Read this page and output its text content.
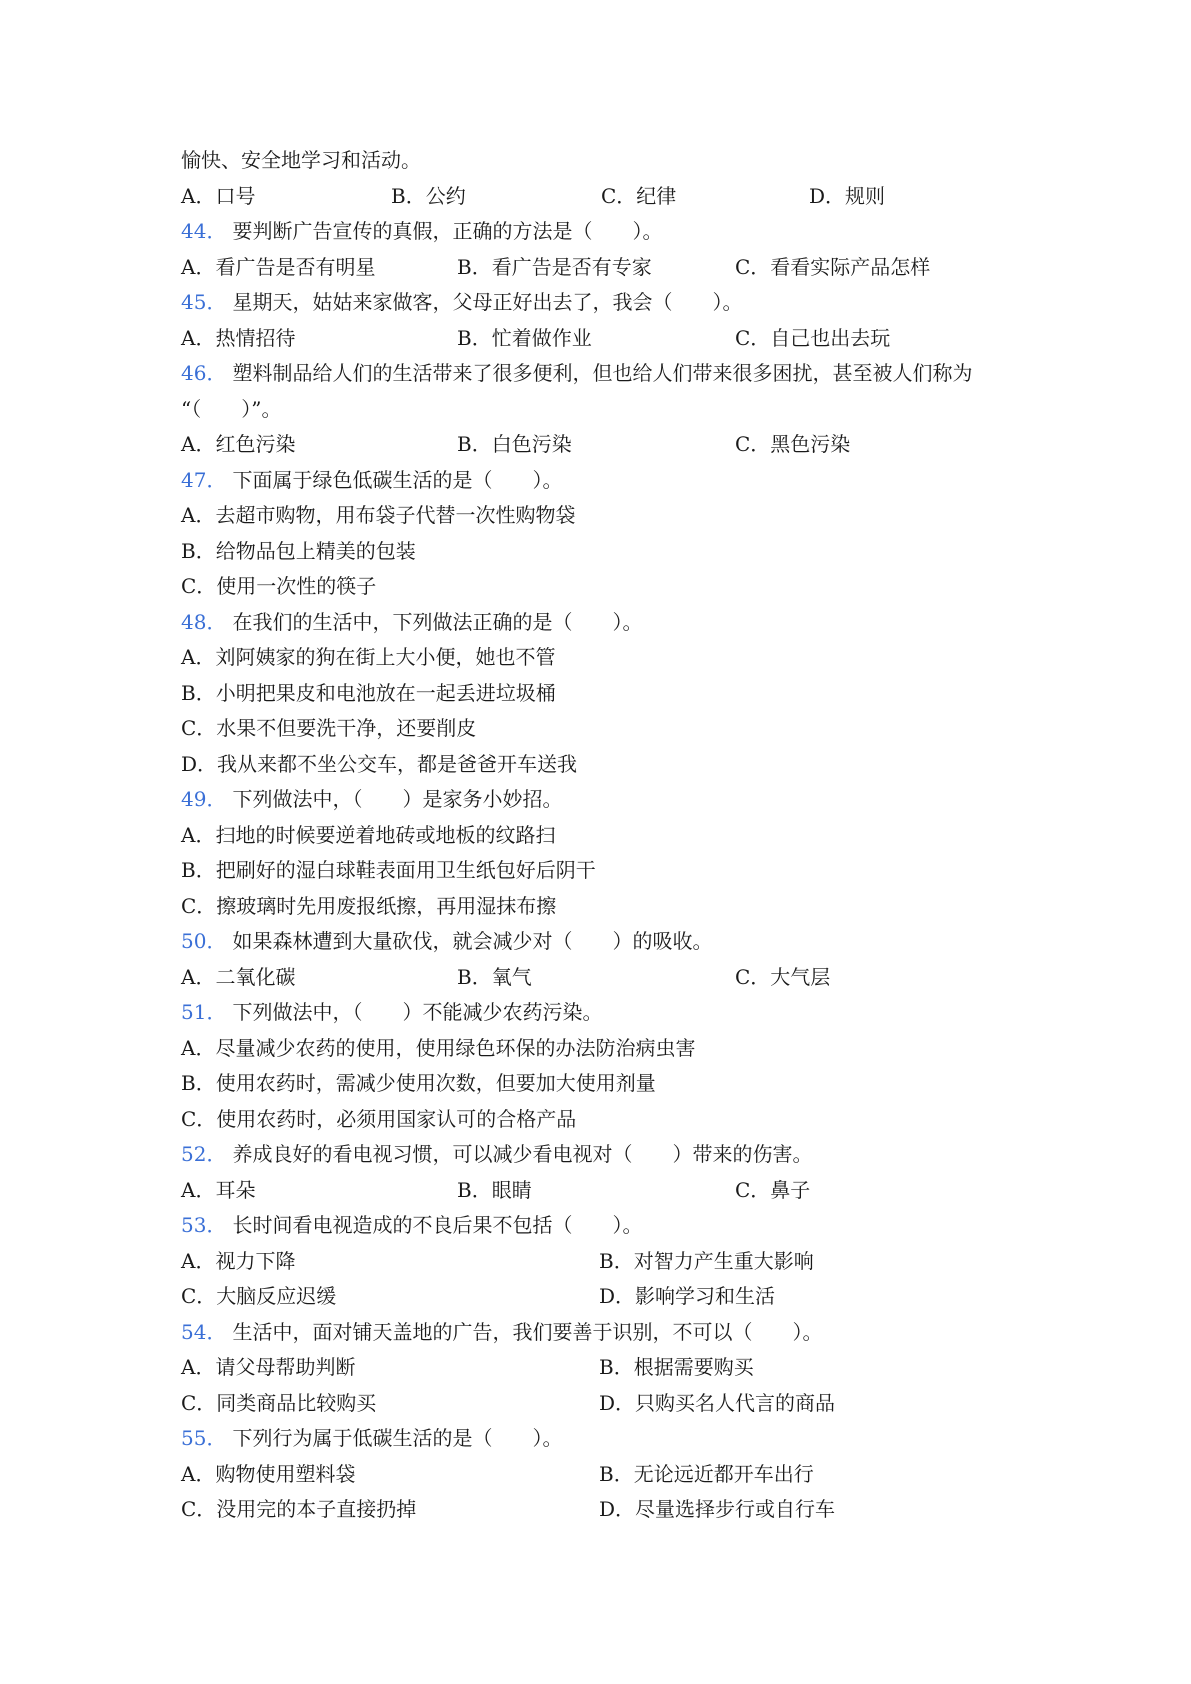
愉快、安全地学习和活动。
A．口号	B．公约	C．纪律	D．规则
44． 要判断广告宣传的真假，正确的方法是（　　）。
A．看广告是否有明星	B．看广告是否有专家	C．看看实际产品怎样
45． 星期天，姑姑来家做客，父母正好出去了，我会（　　）。
A．热情招待	B．忙着做作业	C．自己也出去玩
46． 塑料制品给人们的生活带来了很多便利，但也给人们带来很多困扰，甚至被人们称为
“（　　）”。
A．红色污染	B．白色污染	C．黑色污染
47． 下面属于绿色低碳生活的是（　　）。
A．去超市购物，用布袋子代替一次性购物袋
B．给物品包上精美的包装
C．使用一次性的筷子
48． 在我们的生活中，下列做法正确的是（　　）。
A．刘阿姨家的狗在街上大小便，她也不管
B．小明把果皮和电池放在一起丢进垃圾桶
C．水果不但要洗干净，还要削皮
D．我从来都不坐公交车，都是爸爸开车送我
49． 下列做法中，（　　）是家务小妙招。
A．扫地的时候要逆着地砖或地板的纹路扫
B．把刷好的湿白球鞋表面用卫生纸包好后阴干
C．擦玻璃时先用废报纸擦，再用湿抹布擦
50． 如果森林遭到大量砍伐，就会减少对（　　）的吸收。
A．二氧化碳	B．氧气	C．大气层
51． 下列做法中，（　　）不能减少农药污染。
A．尽量减少农药的使用，使用绿色环保的办法防治病虫害
B．使用农药时，需减少使用次数，但要加大使用剂量
C．使用农药时，必须用国家认可的合格产品
52． 养成良好的看电视习惯，可以减少看电视对（　　）带来的伤害。
A．耳朵	B．眼睛	C．鼻子
53． 长时间看电视造成的不良后果不包括（　　）。
A．视力下降	B．对智力产生重大影响
C．大脑反应迟缓	D．影响学习和生活
54． 生活中，面对铺天盖地的广告，我们要善于识别，不可以（　　）。
A．请父母帮助判断	B．根据需要购买
C．同类商品比较购买	D．只购买名人代言的商品
55． 下列行为属于低碳生活的是（　　）。
A．购物使用塑料袋	B．无论远近都开车出行
C．没用完的本子直接扔掉	D．尽量选择步行或自行车
